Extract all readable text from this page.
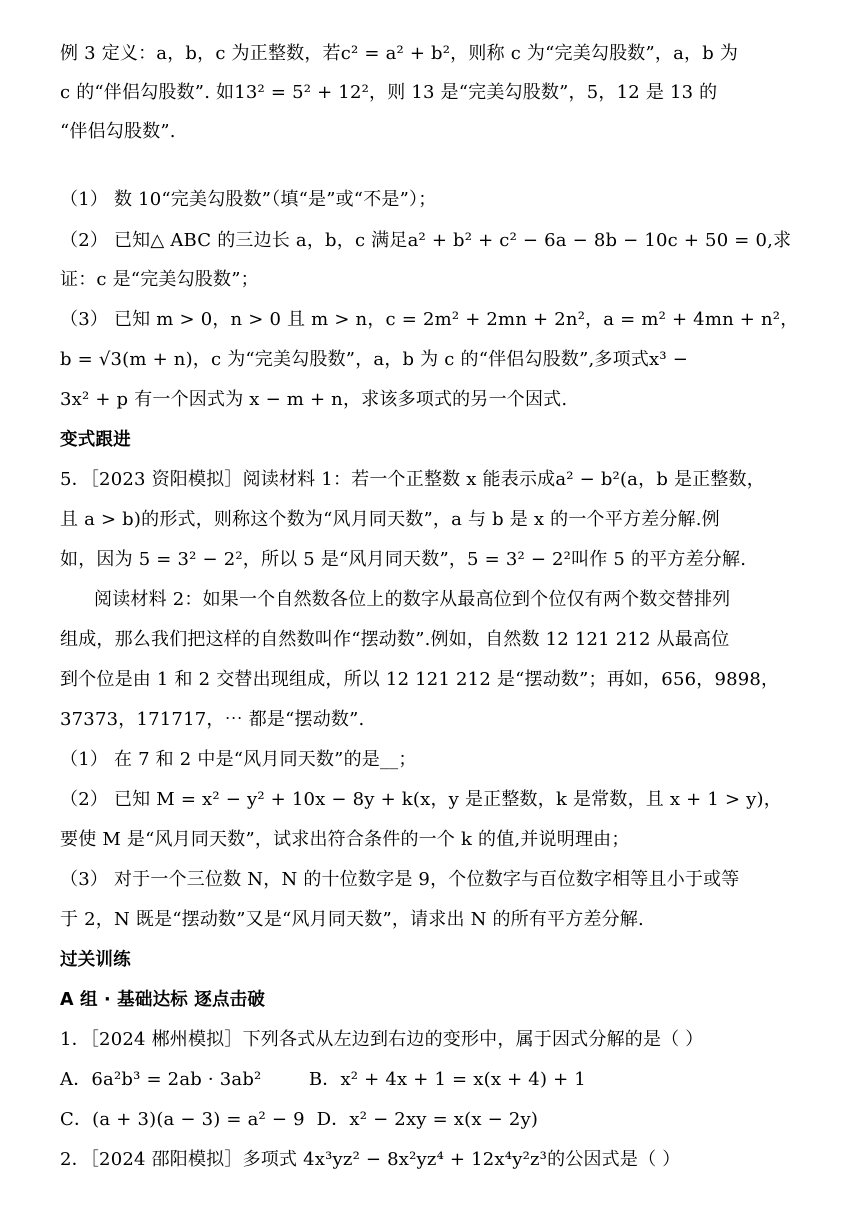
例 3 定义：a，b，c 为正整数，若c² = a² + b²，则称 c 为“完美勾股数”，a，b 为
c 的“伴侣勾股数”. 如13² = 5² + 12²，则 13 是“完美勾股数”，5，12 是 13 的
“伴侣勾股数”.
（1） 数 10“完美勾股数”（填“是”或“不是”）；
（2） 已知△ ABC 的三边长 a，b，c 满足a² + b² + c² − 6a − 8b − 10c + 50 = 0,求
证：c 是“完美勾股数”；
（3） 已知 m > 0，n > 0 且 m > n，c = 2m² + 2mn + 2n²，a = m² + 4mn + n²，
b = √3(m + n)，c 为“完美勾股数”，a，b 为 c 的“伴侣勾股数”,多项式x³ −
3x² + p 有一个因式为 x − m + n，求该多项式的另一个因式.
变式跟进
5．［2023 资阳模拟］阅读材料 1：若一个正整数 x 能表示成a² − b²(a，b 是正整数，
且 a > b)的形式，则称这个数为“风月同天数”，a 与 b 是 x 的一个平方差分解.例
如，因为 5 = 3² − 2²，所以 5 是“风月同天数”，5 = 3² − 2²叫作 5 的平方差分解.
阅读材料 2：如果一个自然数各位上的数字从最高位到个位仅有两个数交替排列
组成，那么我们把这样的自然数叫作“摆动数”.例如，自然数 12 121 212 从最高位
到个位是由 1 和 2 交替出现组成，所以 12 121 212 是“摆动数”；再如，656，9898，
37373，171717，⋯ 都是“摆动数”.
（1） 在 7 和 2 中是“风月同天数”的是__；
（2） 已知 M = x² − y² + 10x − 8y + k(x，y 是正整数，k 是常数，且 x + 1 > y)，
要使 M 是“风月同天数”，试求出符合条件的一个 k 的值,并说明理由；
（3） 对于一个三位数 N，N 的十位数字是 9，个位数字与百位数字相等且小于或等
于 2，N 既是“摆动数”又是“风月同天数”，请求出 N 的所有平方差分解.
过关训练
A 组 · 基础达标 逐点击破
1．［2024 郴州模拟］下列各式从左边到右边的变形中，属于因式分解的是（ ）
A．6a²b³ = 2ab · 3ab²        B．x² + 4x + 1 = x(x + 4) + 1
C．(a + 3)(a − 3) = a² − 9  D．x² − 2xy = x(x − 2y)
2．［2024 邵阳模拟］多项式 4x³yz² − 8x²yz⁴ + 12x⁴y²z³的公因式是（ ）
